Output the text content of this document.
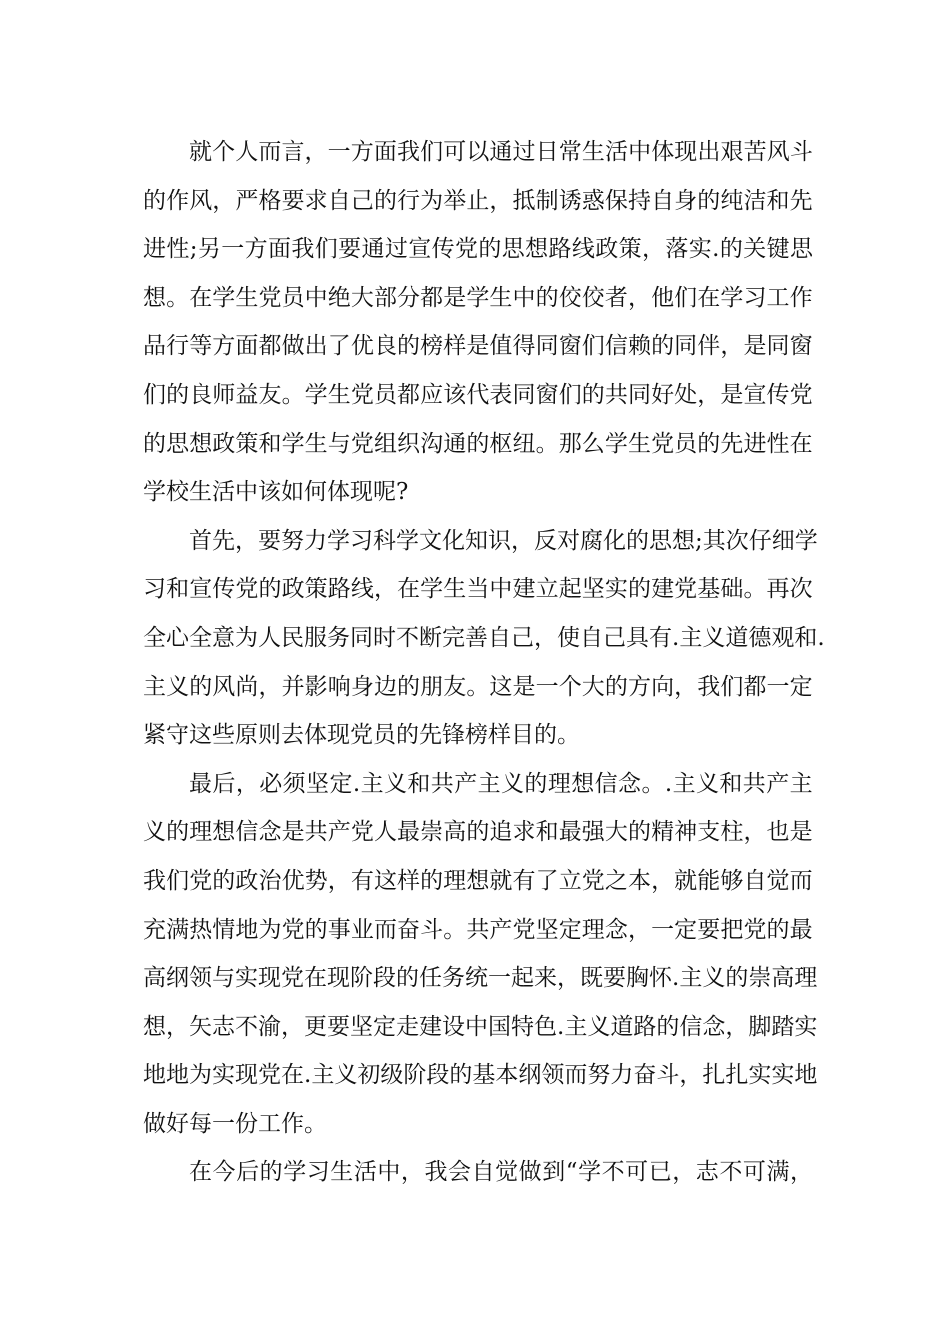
就 个 人 而 言 ， 一 方 面 我 们 可 以 通 过 日 常 生 活 中 体 现 出 艰 苦 风 斗
的 作 风 ， 严 格 要 求 自 己 的 行 为 举 止 ， 抵 制 诱 惑 保 持 自 身 的 纯 洁 和 先
进 性 ; 另 一 方 面 我 们 要 通 过 宣 传 党 的 思 想 路 线 政 策 ， 落 实 . 的 关 键 思
想 。 在 学 生 党 员 中 绝 大 部 分 都 是 学 生 中 的 佼 佼 者 ， 他 们 在 学 习 工 作
品 行 等 方 面 都 做 出 了 优 良 的 榜 样 是 值 得 同 窗 们 信 赖 的 同 伴 ， 是 同 窗
们 的 良 师 益 友 。 学 生 党 员 都 应 该 代 表 同 窗 们 的 共 同 好 处 ， 是 宣 传 党
的 思 想 政 策 和 学 生 与 党 组 织 沟 通 的 枢 纽 。 那 么 学 生 党 员 的 先 进 性 在
学校生活中该如何体现呢?
首 先 ， 要 努 力 学 习 科 学 文 化 知 识 ， 反 对 腐 化 的 思 想 ; 其 次 仔 细 学
习 和 宣 传 党 的 政 策 路 线 ， 在 学 生 当 中 建 立 起 坚 实 的 建 党 基 础 。 再 次
全 心 全 意 为 人 民 服 务 同 时 不 断 完 善 自 己 ， 使 自 己 具 有 . 主 义 道 德 观 和 .
主 义 的 风 尚 ， 并 影 响 身 边 的 朋 友 。 这 是 一 个 大 的 方 向 ， 我 们 都 一 定
紧守这些原则去体现党员的先锋榜样目的。
最 后 ， 必 须 坚 定 . 主 义 和 共 产 主 义 的 理 想 信 念 。 . 主 义 和 共 产 主
义 的 理 想 信 念 是 共 产 党 人 最 崇 高 的 追 求 和 最 强 大 的 精 神 支 柱 ， 也 是
我 们 党 的 政 治 优 势 ， 有 这 样 的 理 想 就 有 了 立 党 之 本 ， 就 能 够 自 觉 而
充 满 热 情 地 为 党 的 事 业 而 奋 斗 。 共 产 党 坚 定 理 念 ， 一 定 要 把 党 的 最
高 纲 领 与 实 现 党 在 现 阶 段 的 任 务 统 一 起 来 ， 既 要 胸 怀 . 主 义 的 崇 高 理
想 ， 矢 志 不 渝 ， 更 要 坚 定 走 建 设 中 国 特 色 . 主 义 道 路 的 信 念 ， 脚 踏 实
地 地 为 实 现 党 在 . 主 义 初 级 阶 段 的 基 本 纲 领 而 努 力 奋 斗 ， 扎 扎 实 实 地
做好每一份工作。
在 今 后 的 学 习 生 活 中 ， 我 会 自 觉 做 到 “ 学 不 可 已 ， 志 不 可 满 ，
